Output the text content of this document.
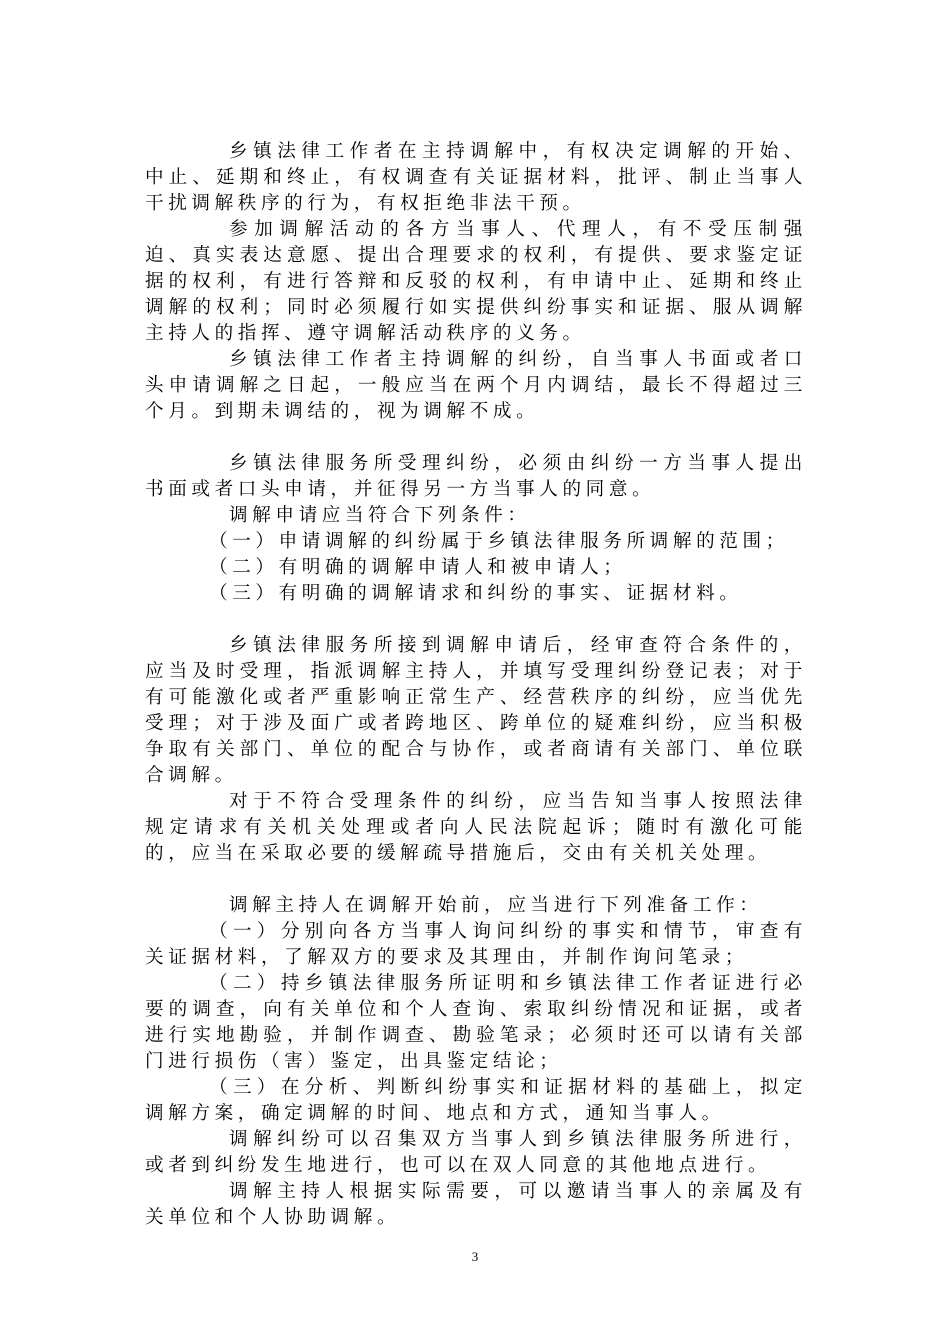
乡镇法律工作者在主持调解中，有权决定调解的开始、中止、延期和终止，有权调查有关证据材料，批评、制止当事人干扰调解秩序的行为，有权拒绝非法干预。

参加调解活动的各方当事人、代理人，有不受压制强迫、真实表达意愿、提出合理要求的权利，有提供、要求鉴定证据的权利，有进行答辩和反驳的权利，有申请中止、延期和终止调解的权利；同时必须履行如实提供纠纷事实和证据、服从调解主持人的指挥、遵守调解活动秩序的义务。

乡镇法律工作者主持调解的纠纷，自当事人书面或者口头申请调解之日起，一般应当在两个月内调结，最长不得超过三个月。到期未调结的，视为调解不成。

乡镇法律服务所受理纠纷，必须由纠纷一方当事人提出书面或者口头申请，并征得另一方当事人的同意。

调解申请应当符合下列条件：

（一）申请调解的纠纷属于乡镇法律服务所调解的范围；

（二）有明确的调解申请人和被申请人；

（三）有明确的调解请求和纠纷的事实、证据材料。

乡镇法律服务所接到调解申请后，经审查符合条件的，应当及时受理，指派调解主持人，并填写受理纠纷登记表；对于有可能激化或者严重影响正常生产、经营秩序的纠纷，应当优先受理；对于涉及面广或者跨地区、跨单位的疑难纠纷，应当积极争取有关部门、单位的配合与协作，或者商请有关部门、单位联合调解。

对于不符合受理条件的纠纷，应当告知当事人按照法律规定请求有关机关处理或者向人民法院起诉；随时有激化可能的，应当在采取必要的缓解疏导措施后，交由有关机关处理。

调解主持人在调解开始前，应当进行下列准备工作：

（一）分别向各方当事人询问纠纷的事实和情节，审查有关证据材料，了解双方的要求及其理由，并制作询问笔录；

（二）持乡镇法律服务所证明和乡镇法律工作者证进行必要的调查，向有关单位和个人查询、索取纠纷情况和证据，或者进行实地勘验，并制作调查、勘验笔录；必须时还可以请有关部门进行损伤（害）鉴定，出具鉴定结论；

（三）在分析、判断纠纷事实和证据材料的基础上，拟定调解方案，确定调解的时间、地点和方式，通知当事人。

调解纠纷可以召集双方当事人到乡镇法律服务所进行，或者到纠纷发生地进行，也可以在双人同意的其他地点进行。

调解主持人根据实际需要，可以邀请当事人的亲属及有关单位和个人协助调解。

3
